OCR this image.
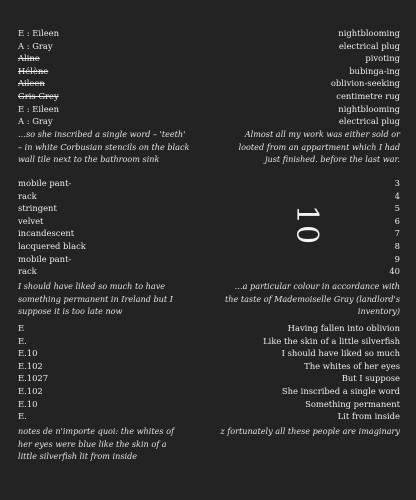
E : Eileen
A : Gray
Aline
Hélène
Aileen
Gris Grey
E : Eileen
A : Gray
nightblooming
electrical plug
pivoting
bubinga-ing
oblivion-seeking
centimetre rug
nightblooming
electrical plug
…so she inscribed a single word – 'teeth' – in white Corbusian stencils on the black wall tile next to the bathroom sink
Almost all my work was either sold or looted from an appartment which I had just finished. before the last war.
mobile pant-
rack
stringent
velvet
incandescent
lacquered black
mobile pant-
rack
10
3
4
5
6
7
8
9
40
I should have liked so much to have something permanent in Ireland but I suppose it is too late now
…a particular colour in accordance with the taste of Mademoiselle Gray (landlord's inventory)
E
E.
E.10
E.102
E.1027
E.102
E.10
E.
Having fallen into oblivion
Like the skin of a little silverfish
I should have liked so much
The whites of her eyes
But I suppose
She inscribed a single word
Something permanent
Lit from inside
notes de n'importe quoi: the whites of her eyes were blue like the skin of a little silverfish lit from inside
z fortunately all these people are imaginary
